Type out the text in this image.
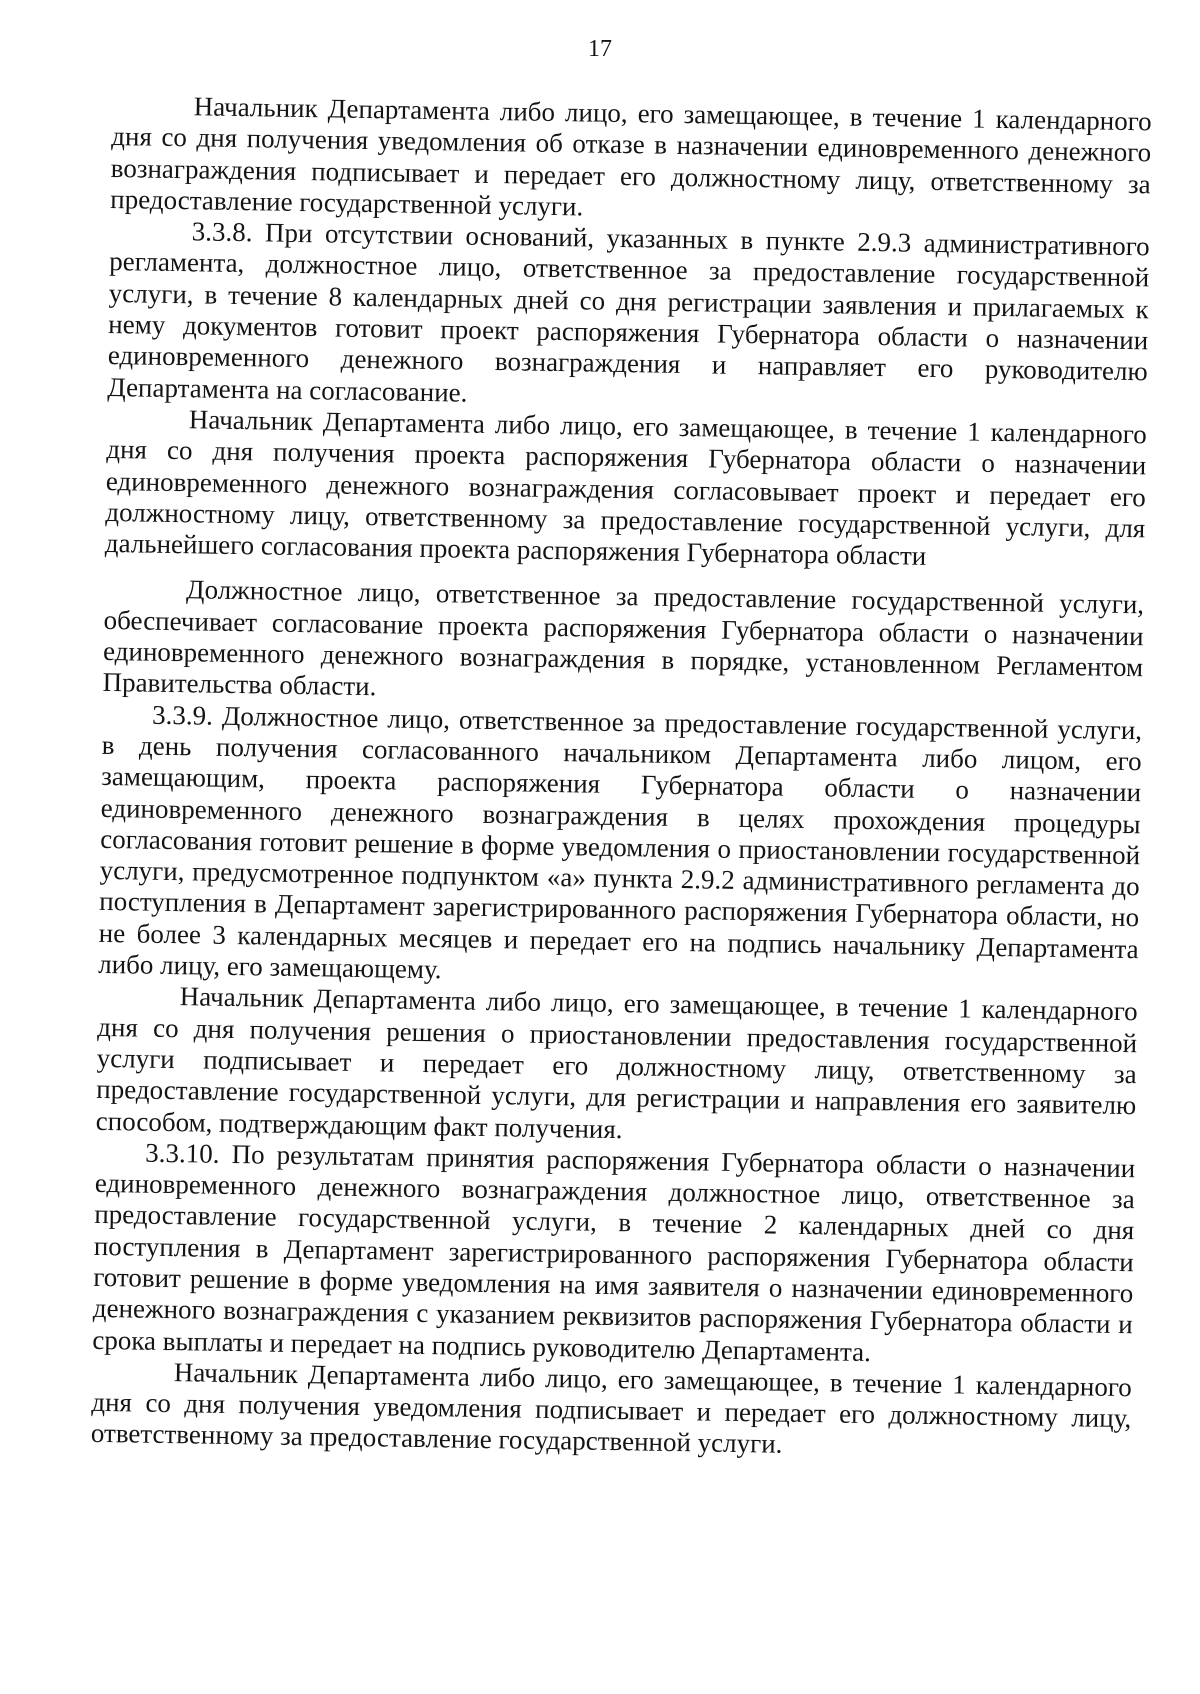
17

Начальник Департамента либо лицо, его замещающее, в течение 1 календарного дня со дня получения уведомления об отказе в назначении единовременного денежного вознаграждения подписывает и передает его должностному лицу, ответственному за предоставление государственной услуги.

3.3.8. При отсутствии оснований, указанных в пункте 2.9.3 административного регламента, должностное лицо, ответственное за предоставление государственной услуги, в течение 8 календарных дней со дня регистрации заявления и прилагаемых к нему документов готовит проект распоряжения Губернатора области о назначении единовременного денежного вознаграждения и направляет его руководителю Департамента на согласование.

Начальник Департамента либо лицо, его замещающее, в течение 1 календарного дня со дня получения проекта распоряжения Губернатора области о назначении единовременного денежного вознаграждения согласовывает проект и передает его должностному лицу, ответственному за предоставление государственной услуги, для дальнейшего согласования проекта распоряжения Губернатора области

Должностное лицо, ответственное за предоставление государственной услуги, обеспечивает согласование проекта распоряжения Губернатора области о назначении единовременного денежного вознаграждения в порядке, установленном Регламентом Правительства области.

3.3.9. Должностное лицо, ответственное за предоставление государственной услуги, в день получения согласованного начальником Департамента либо лицом, его замещающим, проекта распоряжения Губернатора области о назначении единовременного денежного вознаграждения в целях прохождения процедуры согласования готовит решение в форме уведомления о приостановлении государственной услуги, предусмотренное подпунктом «а» пункта 2.9.2 административного регламента до поступления в Департамент зарегистрированного распоряжения Губернатора области, но не более 3 календарных месяцев и передает его на подпись начальнику Департамента либо лицу, его замещающему.

Начальник Департамента либо лицо, его замещающее, в течение 1 календарного дня со дня получения решения о приостановлении предоставления государственной услуги подписывает и передает его должностному лицу, ответственному за предоставление государственной услуги, для регистрации и направления его заявителю способом, подтверждающим факт получения.

3.3.10. По результатам принятия распоряжения Губернатора области о назначении единовременного денежного вознаграждения должностное лицо, ответственное за предоставление государственной услуги, в течение 2 календарных дней со дня поступления в Департамент зарегистрированного распоряжения Губернатора области готовит решение в форме уведомления на имя заявителя о назначении единовременного денежного вознаграждения с указанием реквизитов распоряжения Губернатора области и срока выплаты и передает на подпись руководителю Департамента.

Начальник Департамента либо лицо, его замещающее, в течение 1 календарного дня со дня получения уведомления подписывает и передает его должностному лицу, ответственному за предоставление государственной услуги.
